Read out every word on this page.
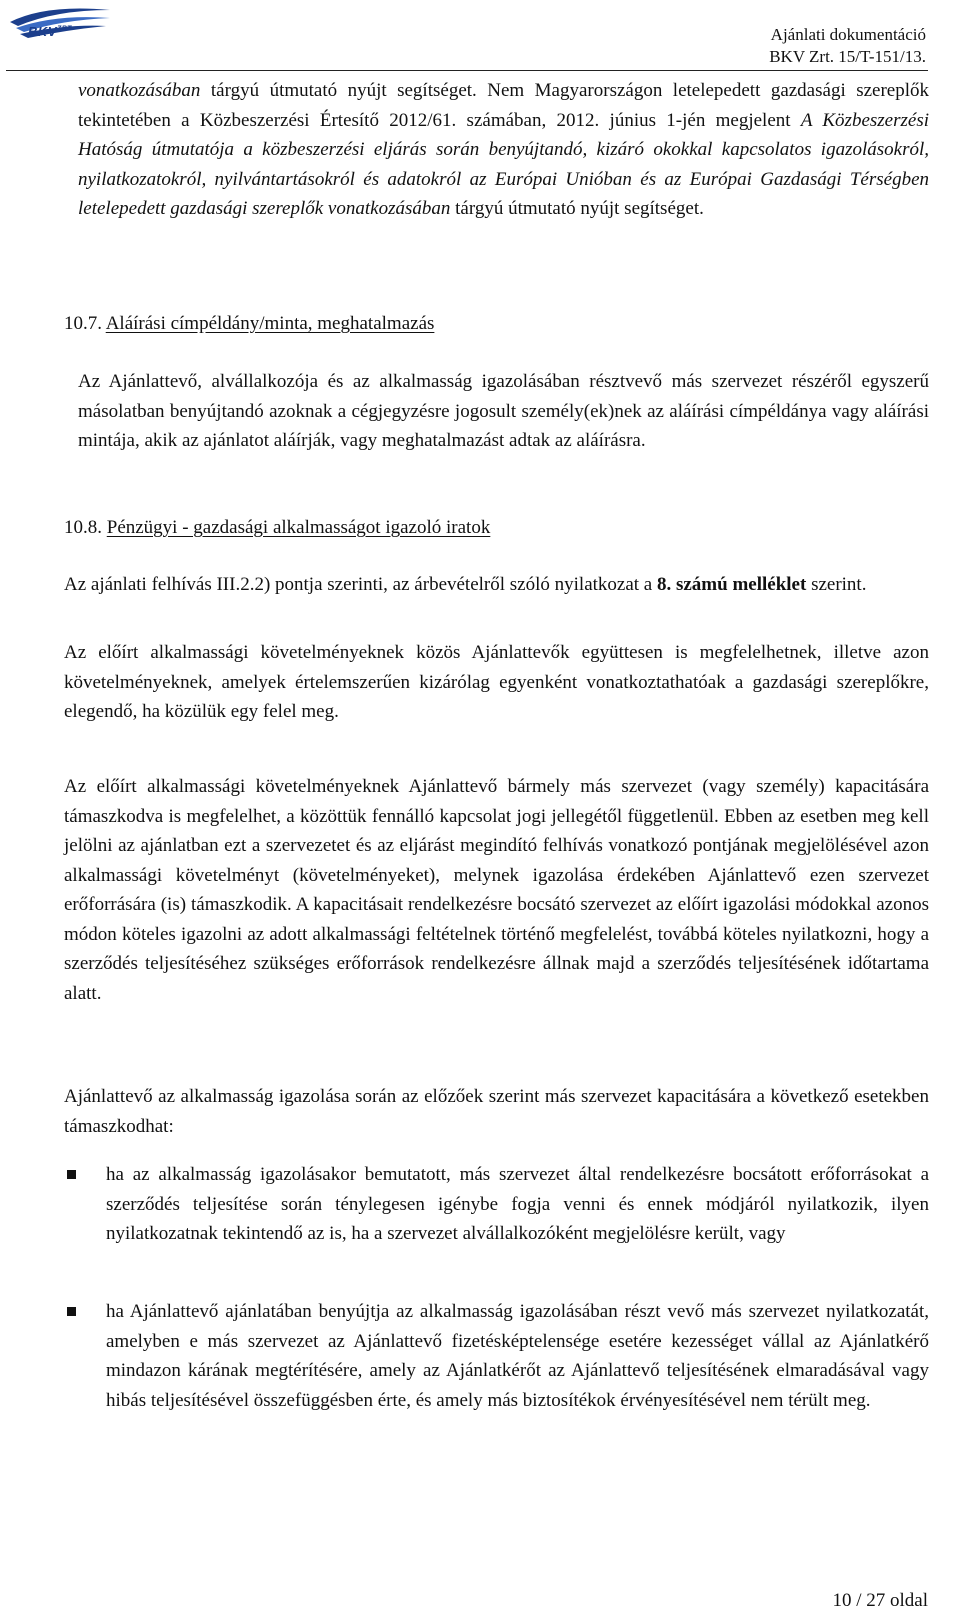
$BKV^{ZRT}$	Ajánlati dokumentáció
BKV Zrt. 15/T-151/13.
vonatkozásában tárgyú útmutató nyújt segítséget. Nem Magyarországon letelepedett gazdasági szereplők tekintetében a Közbeszerzési Értesítő 2012/61. számában, 2012. június 1-jén megjelent A Közbeszerzési Hatóság útmutatója a közbeszerzési eljárás során benyújtandó, kizáró okokkal kapcsolatos igazolásokról, nyilatkozatokról, nyilvántartásokról és adatokról az Európai Unióban és az Európai Gazdasági Térségben letelepedett gazdasági szereplők vonatkozásában tárgyú útmutató nyújt segítséget.
10.7. Aláírási címpéldány/minta, meghatalmazás
Az Ajánlattevő, alvállalkozója és az alkalmasság igazolásában résztvevő más szervezet részéről egyszerű másolatban benyújtandó azoknak a cégjegyzésre jogosult személy(ek)nek az aláírási címpéldánya vagy aláírási mintája, akik az ajánlatot aláírják, vagy meghatalmazást adtak az aláírásra.
10.8. Pénzügyi - gazdasági alkalmasságot igazoló iratok
Az ajánlati felhívás III.2.2) pontja szerinti, az árbevételről szóló nyilatkozat a 8. számú melléklet szerint.
Az előírt alkalmassági követelményeknek közös Ajánlattevők együttesen is megfelelhetnek, illetve azon követelményeknek, amelyek értelemszerűen kizárólag egyenként vonatkoztathatóak a gazdasági szereplőkre, elegendő, ha közülük egy felel meg.
Az előírt alkalmassági követelményeknek Ajánlattevő bármely más szervezet (vagy személy) kapacitására támaszkodva is megfelelhet, a közöttük fennálló kapcsolat jogi jellegétől függetlenül. Ebben az esetben meg kell jelölni az ajánlatban ezt a szervezetet és az eljárást megindító felhívás vonatkozó pontjának megjelölésével azon alkalmassági követelményt (követelményeket), melynek igazolása érdekében Ajánlattevő ezen szervezet erőforrására (is) támaszkodik. A kapacitásait rendelkezésre bocsátó szervezet az előírt igazolási módokkal azonos módon köteles igazolni az adott alkalmassági feltételnek történő megfelelést, továbbá köteles nyilatkozni, hogy a szerződés teljesítéséhez szükséges erőforrások rendelkezésre állnak majd a szerződés teljesítésének időtartama alatt.
Ajánlattevő az alkalmasság igazolása során az előzőek szerint más szervezet kapacitására a következő esetekben támaszkodhat:
ha az alkalmasság igazolásakor bemutatott, más szervezet által rendelkezésre bocsátott erőforrásokat a szerződés teljesítése során ténylegesen igénybe fogja venni és ennek módjáról nyilatkozik, ilyen nyilatkozatnak tekintendő az is, ha a szervezet alvállalkozóként megjelölésre került, vagy
ha Ajánlattevő ajánlatában benyújtja az alkalmasság igazolásában részt vevő más szervezet nyilatkozatát, amelyben e más szervezet az Ajánlattevő fizetésképtelensége esetére kezességet vállal az Ajánlatkérő mindazon kárának megtérítésére, amely az Ajánlatkérőt az Ajánlattevő teljesítésének elmaradásával vagy hibás teljesítésével összefüggésben érte, és amely más biztosítékok érvényesítésével nem térült meg.
10 / 27 oldal
